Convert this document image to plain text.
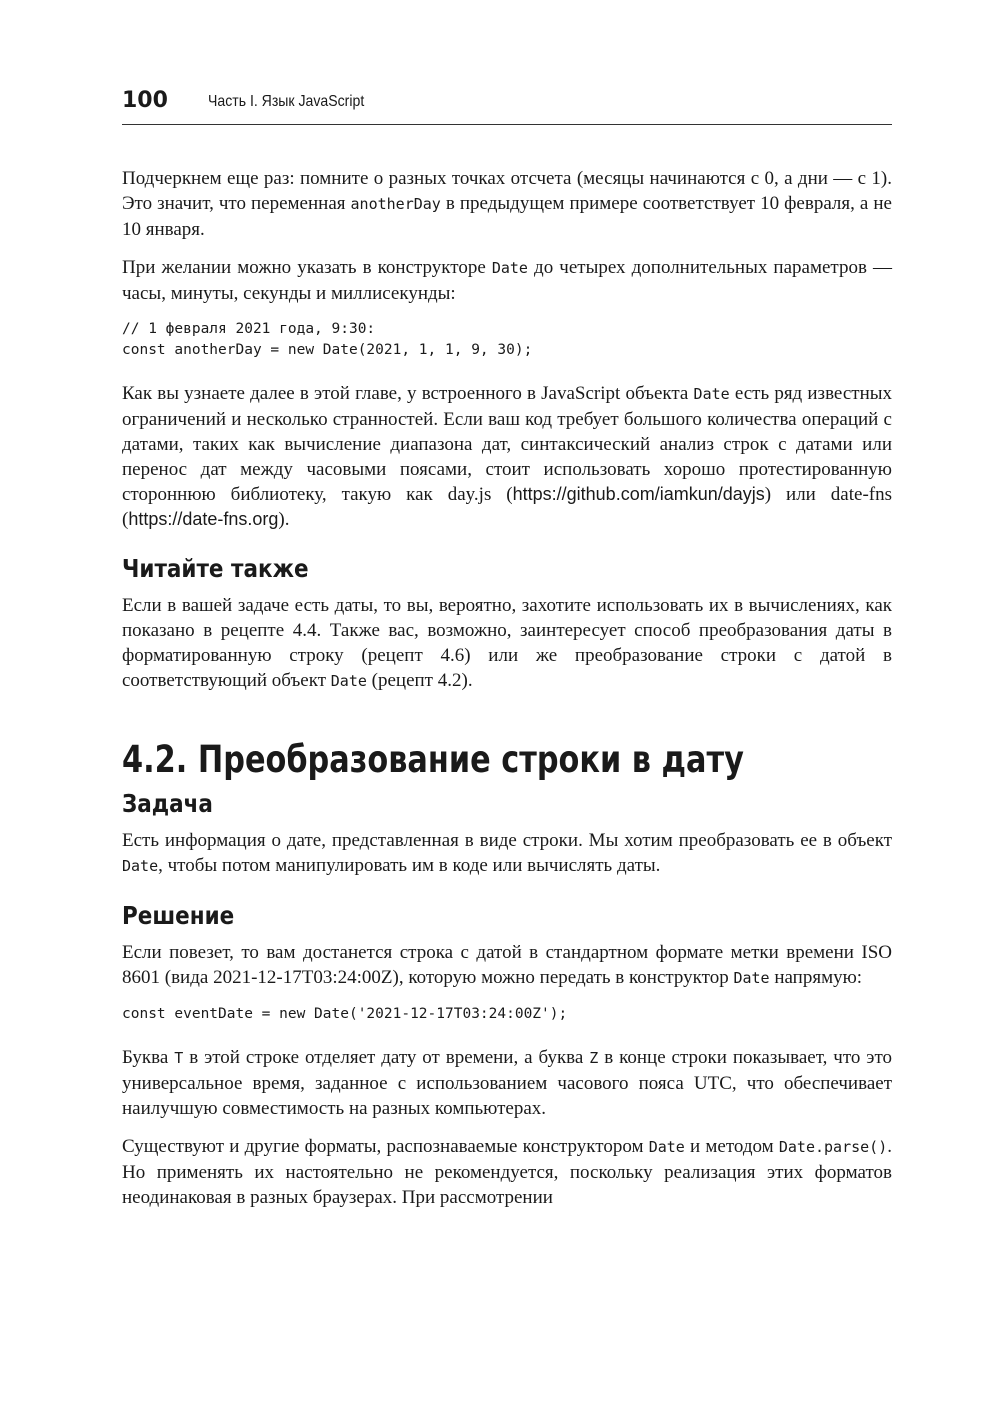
100	Часть I. Язык JavaScript

Подчеркнем еще раз: помните о разных точках отсчета (месяцы начинаются с 0, а дни — с 1). Это значит, что переменная anotherDay в предыдущем примере соответствует 10 февраля, а не 10 января.

При желании можно указать в конструкторе Date до четырех дополнительных параметров — часы, минуты, секунды и миллисекунды:

// 1 февраля 2021 года, 9:30:
const anotherDay = new Date(2021, 1, 1, 9, 30);

Как вы узнаете далее в этой главе, у встроенного в JavaScript объекта Date есть ряд известных ограничений и несколько странностей. Если ваш код требует большого количества операций с датами, таких как вычисление диапазона дат, синтаксический анализ строк с датами или перенос дат между часовыми поясами, стоит использовать хорошо протестированную стороннюю библиотеку, такую как day.js (https://github.com/iamkun/dayjs) или date-fns (https://date-fns.org).

Читайте также

Если в вашей задаче есть даты, то вы, вероятно, захотите использовать их в вычислениях, как показано в рецепте 4.4. Также вас, возможно, заинтересует способ преобразования даты в форматированную строку (рецепт 4.6) или же преобразование строки с датой в соответствующий объект Date (рецепт 4.2).

4.2. Преобразование строки в дату
Задача

Есть информация о дате, представленная в виде строки. Мы хотим преобразовать ее в объект Date, чтобы потом манипулировать им в коде или вычислять даты.

Решение

Если повезет, то вам достанется строка с датой в стандартном формате метки времени ISO 8601 (вида 2021-12-17T03:24:00Z), которую можно передать в конструктор Date напрямую:

const eventDate = new Date('2021-12-17T03:24:00Z');

Буква T в этой строке отделяет дату от времени, а буква Z в конце строки показывает, что это универсальное время, заданное с использованием часового пояса UTC, что обеспечивает наилучшую совместимость на разных компьютерах.

Существуют и другие форматы, распознаваемые конструктором Date и методом Date.parse(). Но применять их настоятельно не рекомендуется, поскольку реализация этих форматов неодинаковая в разных браузерах. При рассмотрении
